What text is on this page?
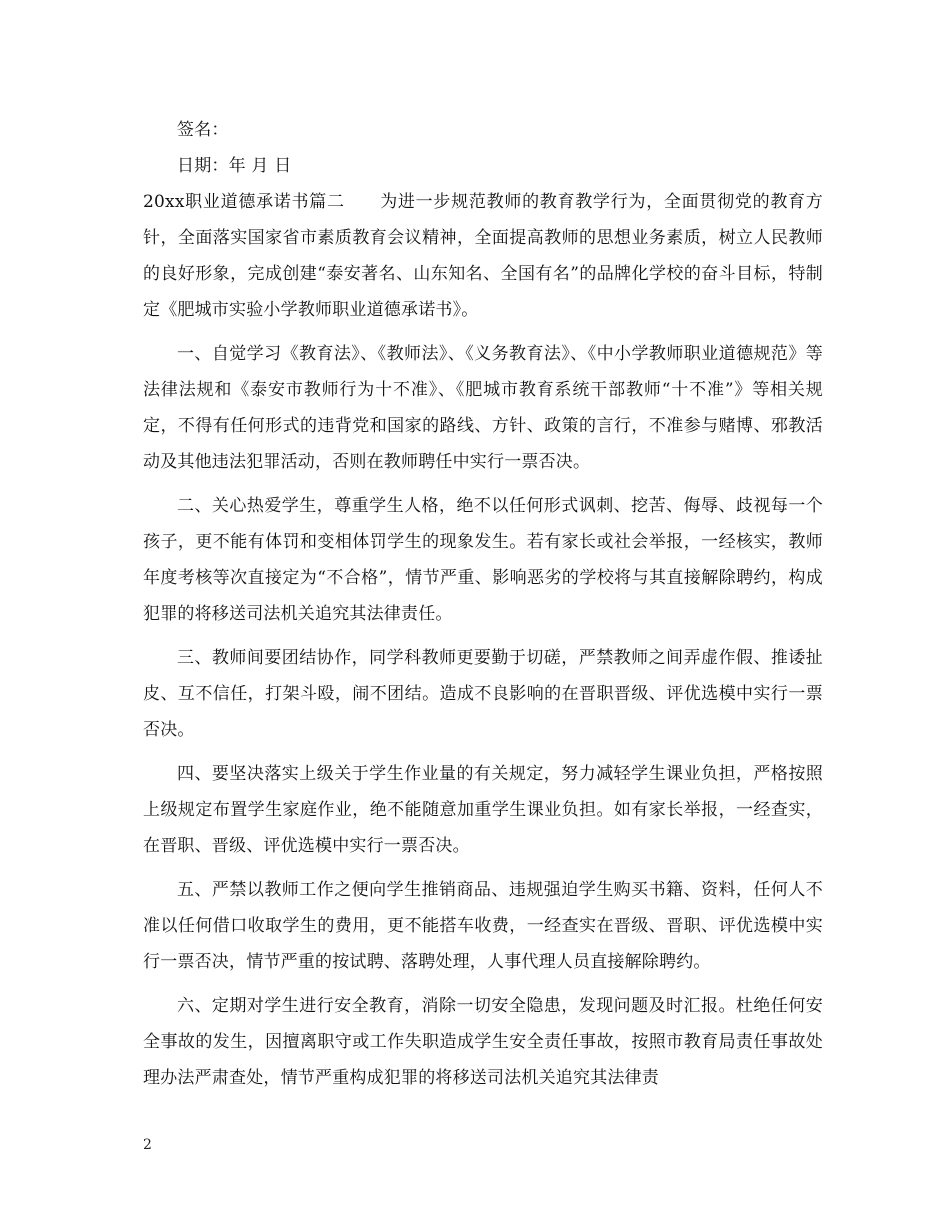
签名：

日期：年 月 日

20xx职业道德承诺书篇二　　为进一步规范教师的教育教学行为，全面贯彻党的教育方针，全面落实国家省市素质教育会议精神，全面提高教师的思想业务素质，树立人民教师的良好形象，完成创建“泰安著名、山东知名、全国有名”的品牌化学校的奋斗目标，特制定《肥城市实验小学教师职业道德承诺书》。

一、自觉学习《教育法》、《教师法》、《义务教育法》、《中小学教师职业道德规范》等法律法规和《泰安市教师行为十不准》、《肥城市教育系统干部教师“十不准”》等相关规定，不得有任何形式的违背党和国家的路线、方针、政策的言行，不准参与赌博、邪教活动及其他违法犯罪活动，否则在教师聘任中实行一票否决。

二、关心热爱学生，尊重学生人格，绝不以任何形式讽刺、挖苦、侮辱、歧视每一个孩子，更不能有体罚和变相体罚学生的现象发生。若有家长或社会举报，一经核实，教师年度考核等次直接定为“不合格”，情节严重、影响恶劣的学校将与其直接解除聘约，构成犯罪的将移送司法机关追究其法律责任。

三、教师间要团结协作，同学科教师更要勤于切磋，严禁教师之间弄虚作假、推诿扯皮、互不信任，打架斗殴，闹不团结。造成不良影响的在晋职晋级、评优选模中实行一票否决。

四、要坚决落实上级关于学生作业量的有关规定，努力减轻学生课业负担，严格按照上级规定布置学生家庭作业，绝不能随意加重学生课业负担。如有家长举报，一经查实，在晋职、晋级、评优选模中实行一票否决。

五、严禁以教师工作之便向学生推销商品、违规强迫学生购买书籍、资料，任何人不准以任何借口收取学生的费用，更不能搭车收费，一经查实在晋级、晋职、评优选模中实行一票否决，情节严重的按试聘、落聘处理，人事代理人员直接解除聘约。

六、定期对学生进行安全教育，消除一切安全隐患，发现问题及时汇报。杜绝任何安全事故的发生，因擅离职守或工作失职造成学生安全责任事故，按照市教育局责任事故处理办法严肃查处，情节严重构成犯罪的将移送司法机关追究其法律责

2
